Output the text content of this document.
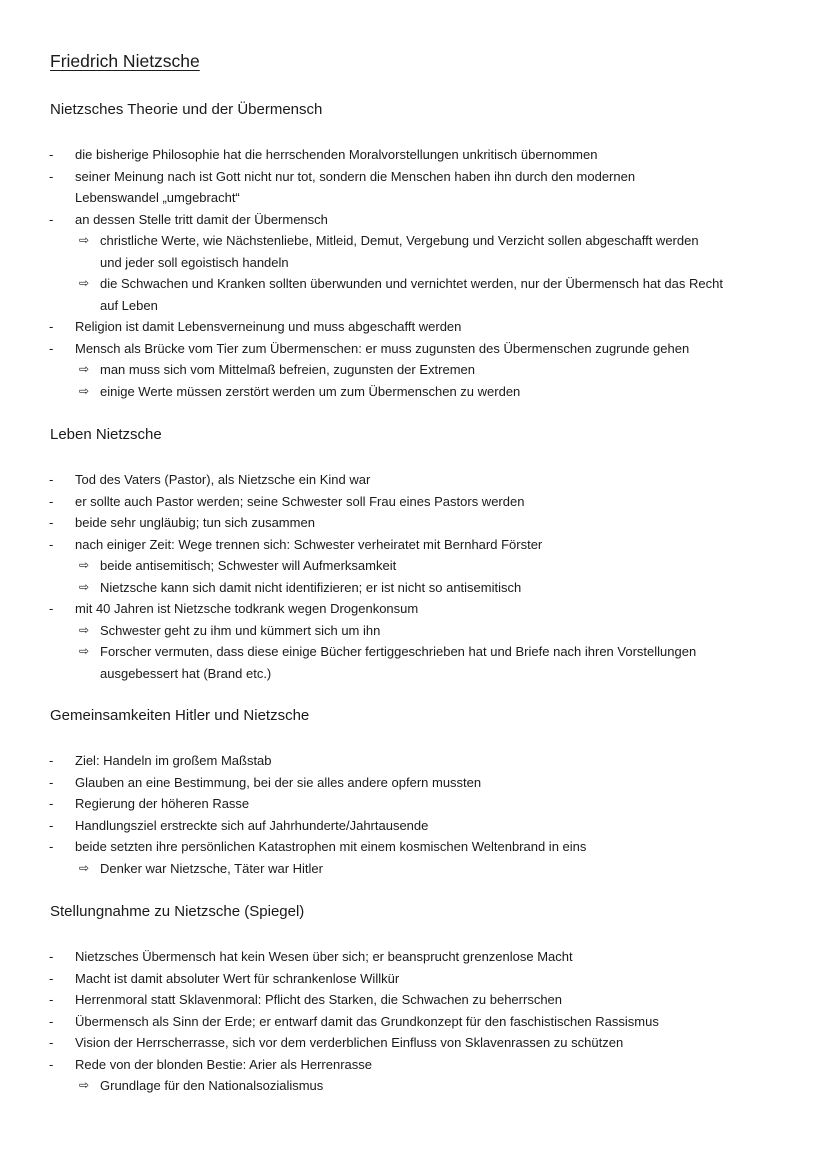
Friedrich Nietzsche
Nietzsches Theorie und der Übermensch
- die bisherige Philosophie hat die herrschenden Moralvorstellungen unkritisch übernommen
- seiner Meinung nach ist Gott nicht nur tot, sondern die Menschen haben ihn durch den modernen
Lebenswandel „umgebracht“
- an dessen Stelle tritt damit der Übermensch
⇨ christliche Werte, wie Nächstenliebe, Mitleid, Demut, Vergebung und Verzicht sollen abgeschafft werden
und jeder soll egoistisch handeln
⇨ die Schwachen und Kranken sollten überwunden und vernichtet werden, nur der Übermensch hat das Recht
auf Leben
- Religion ist damit Lebensverneinung und muss abgeschafft werden
- Mensch als Brücke vom Tier zum Übermenschen: er muss zugunsten des Übermenschen zugrunde gehen
⇨ man muss sich vom Mittelmaß befreien, zugunsten der Extremen
⇨ einige Werte müssen zerstört werden um zum Übermenschen zu werden
Leben Nietzsche
- Tod des Vaters (Pastor), als Nietzsche ein Kind war
- er sollte auch Pastor werden; seine Schwester soll Frau eines Pastors werden
- beide sehr ungläubig; tun sich zusammen
- nach einiger Zeit: Wege trennen sich: Schwester verheiratet mit Bernhard Förster
⇨ beide antisemitisch; Schwester will Aufmerksamkeit
⇨ Nietzsche kann sich damit nicht identifizieren; er ist nicht so antisemitisch
- mit 40 Jahren ist Nietzsche todkrank wegen Drogenkonsum
⇨ Schwester geht zu ihm und kümmert sich um ihn
⇨ Forscher vermuten, dass diese einige Bücher fertiggeschrieben hat und Briefe nach ihren Vorstellungen
ausgebessert hat (Brand etc.)
Gemeinsamkeiten Hitler und Nietzsche
- Ziel: Handeln im großem Maßstab
- Glauben an eine Bestimmung, bei der sie alles andere opfern mussten
- Regierung der höheren Rasse
- Handlungsziel erstreckte sich auf Jahrhunderte/Jahrtausende
- beide setzten ihre persönlichen Katastrophen mit einem kosmischen Weltenbrand in eins
⇨ Denker war Nietzsche, Täter war Hitler
Stellungnahme zu Nietzsche (Spiegel)
- Nietzsches Übermensch hat kein Wesen über sich; er beansprucht grenzenlose Macht
- Macht ist damit absoluter Wert für schrankenlose Willkür
- Herrenmoral statt Sklavenmoral: Pflicht des Starken, die Schwachen zu beherrschen
- Übermensch als Sinn der Erde; er entwarf damit das Grundkonzept für den faschistischen Rassismus
- Vision der Herrscherrasse, sich vor dem verderblichen Einfluss von Sklavenrassen zu schützen
- Rede von der blonden Bestie: Arier als Herrenrasse
⇨ Grundlage für den Nationalsozialismus
